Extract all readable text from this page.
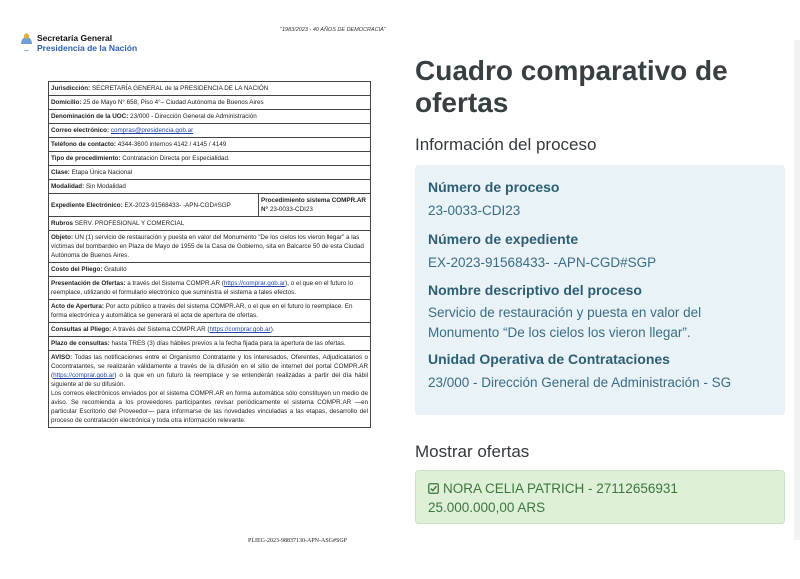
"1983/2023 - 40 AÑOS DE DEMOCRACIA"
Secretaría General
Presidencia de la Nación
Jurisdicción: SECRETARÍA GENERAL de la PRESIDENCIA DE LA NACIÓN
Domicilio: 25 de Mayo N° 658, Piso 4°– Ciudad Autónoma de Buenos Aires
Denominación de la UOC: 23/000 - Dirección General de Administración
Correo electrónico: compras@presidencia.gob.ar
Teléfono de contacto: 4344-3600 internos 4142 / 4145 / 4149
Tipo de procedimiento: Contratación Directa por Especialidad.
Clase: Etapa Única Nacional
Modalidad: Sin Modalidad
Expediente Electrónico: EX-2023-91568433- -APN-CGD#SGP	Procedimiento sistema COMPR.AR N° 23-0033-CDI23
Rubros SERV. PROFESIONAL Y COMERCIAL
Objeto: UN (1) servicio de restauración y puesta en valor del Monumento "De los cielos los vieron llegar" a las víctimas del bombardeo en Plaza de Mayo de 1955 de la Casa de Gobierno, sita en Balcarce 50 de esta Ciudad Autónoma de Buenos Aires.
Costo del Pliego: Gratuito
Presentación de Ofertas: a través del Sistema COMPR.AR (https://comprar.gob.ar), o el que en el futuro lo reemplace, utilizando el formulario electrónico que suministra el sistema a tales efectos.
Acto de Apertura: Por acto público a través del sistema COMPR.AR, o el que en el futuro lo reemplace. En forma electrónica y automática se generará el acta de apertura de ofertas.
Consultas al Pliego: A través del Sistema COMPR.AR (https://comprar.gob.ar).
Plazo de consultas: hasta TRES (3) días hábiles previos a la fecha fijada para la apertura de las ofertas.
AVISO: Todas las notificaciones entre el Organismo Contratante y los interesados, Oferentes, Adjudicatarios o Cocontratantes, se realizarán válidamente a través de la difusión en el sitio de internet del portal COMPR.AR (https://comprar.gob.ar) o la que en un futuro la reemplace y se entenderán realizadas a partir del día hábil siguiente al de su difusión.
Los correos electrónicos enviados por el sistema COMPR.AR en forma automática sólo constituyen un medio de aviso. Se recomienda a los proveedores participantes revisar periódicamente el sistema COMPR.AR —en particular Escritorio del Proveedor— para informarse de las novedades vinculadas a las etapas, desarrollo del proceso de contratación electrónica y toda otra información relevante.
PLIEG-2023-98837130-APN-ASG#SGP
Cuadro comparativo de ofertas
Información del proceso
Número de proceso
23-0033-CDI23
Número de expediente
EX-2023-91568433- -APN-CGD#SGP
Nombre descriptivo del proceso
Servicio de restauración y puesta en valor del Monumento “De los cielos los vieron llegar”.
Unidad Operativa de Contrataciones
23/000 - Dirección General de Administración - SG
Mostrar ofertas
NORA CELIA PATRICH - 27112656931
25.000.000,00 ARS
